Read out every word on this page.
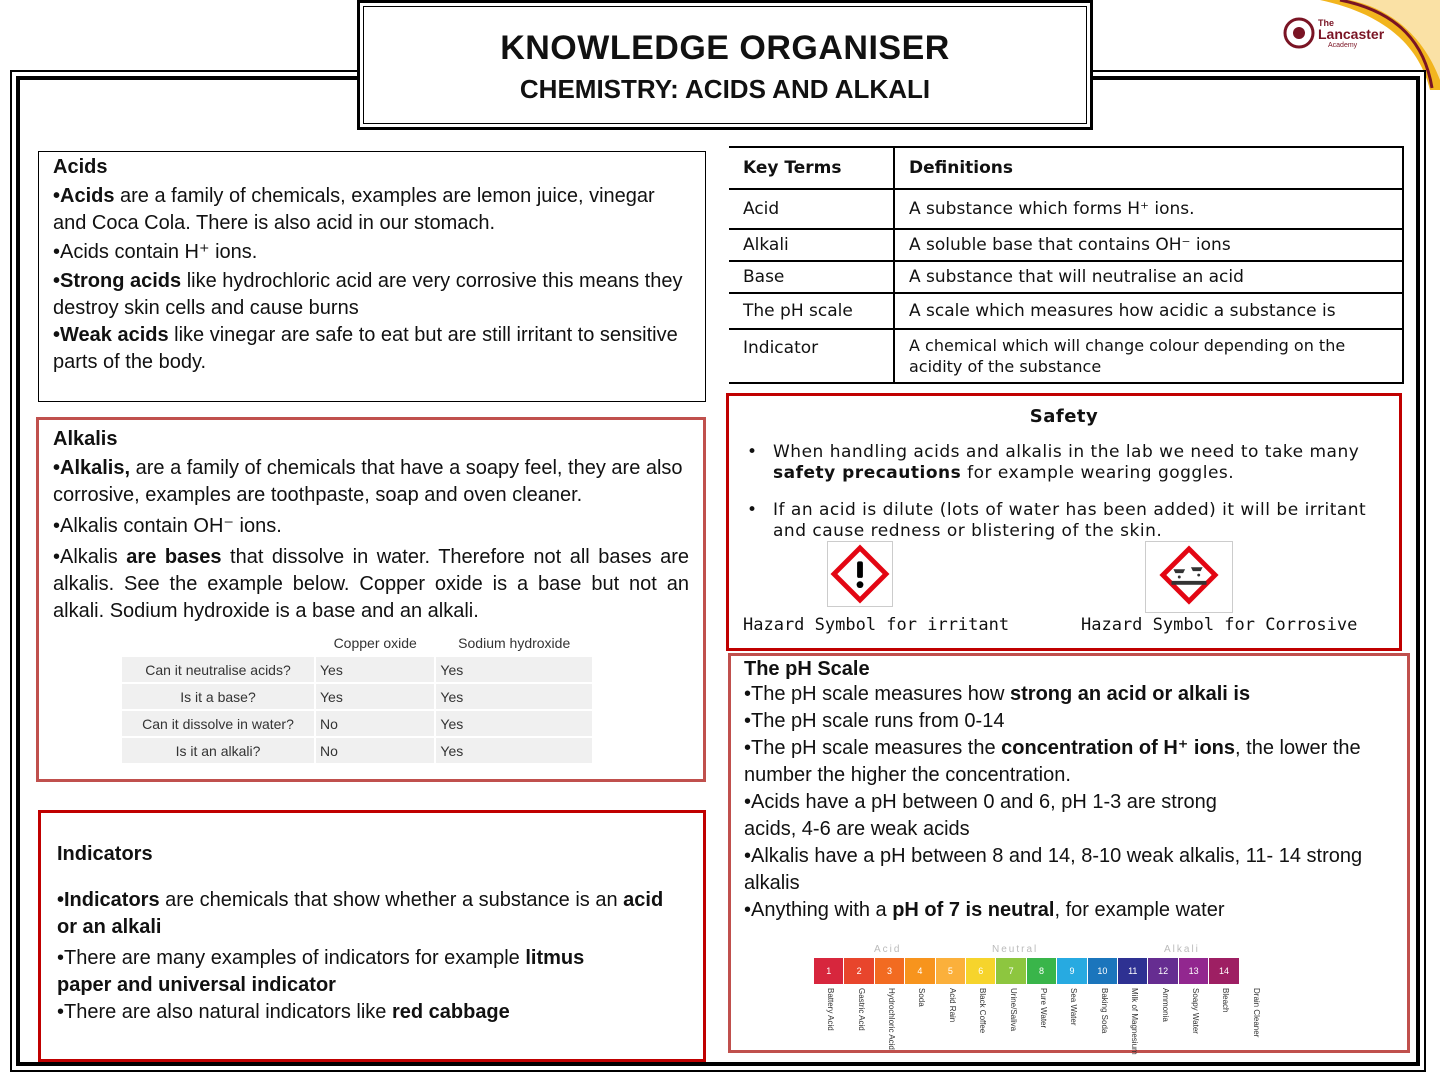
The
Lancaster
Academy
KNOWLEDGE ORGANISER
CHEMISTRY: ACIDS AND ALKALI
Acids

•Acids are a family of chemicals, examples are lemon juice, vinegar and Coca Cola. There is also acid in our stomach.

•Acids contain H⁺ ions.

•Strong acids like hydrochloric acid are very corrosive this means they destroy skin cells and cause burns

•Weak acids like vinegar are safe to eat but are still irritant to sensitive parts of the body.

Key Terms	Definitions
Acid	A substance which forms H⁺ ions.
Alkali	A soluble base that contains OH⁻ ions
Base	A substance that will neutralise an acid
The pH scale	A scale which measures how acidic a substance is
Indicator	A chemical which will change colour depending on the acidity of the substance
Alkalis

•Alkalis, are a family of chemicals that have a soapy feel, they are also corrosive, examples are toothpaste, soap and oven cleaner.

•Alkalis contain OH⁻ ions.

•Alkalis are bases that dissolve in water. Therefore not all bases are alkalis. See the example below. Copper oxide is a base but not an alkali. Sodium hydroxide is a base and an alkali.

	Copper oxide	Sodium hydroxide
Can it neutralise acids?	Yes	Yes
Is it a base?	Yes	Yes
Can it dissolve in water?	No	Yes
Is it an alkali?	No	Yes
Indicators

•Indicators are chemicals that show whether a substance is an acid or an alkali

•There are many examples of indicators for example litmus paper and universal indicator

•There are also natural indicators like red cabbage

Safety
• When handling acids and alkalis in the lab we need to take many safety precautions for example wearing goggles.
• If an acid is dilute (lots of water has been added) it will be irritant and cause redness or blistering of the skin.
Hazard Symbol for irritant	Hazard Symbol for Corrosive
The pH Scale

•The pH scale measures how strong an acid or alkali is

•The pH scale runs from 0-14

•The pH scale measures the concentration of H⁺ ions, the lower the number the higher the concentration.

•Acids have a pH between 0 and 6, pH 1-3 are strong acids, 4-6 are weak acids

•Alkalis have a pH between 8 and 14, 8-10 weak alkalis, 11- 14 strong alkalis

•Anything with a pH of 7 is neutral, for example water

Acid	Neutral	Alkali
1	2	3	4	5	6	7	8	9	10	11	12	13	14
Battery Acid	Gastric Acid	Hydrochloric Acid	Soda	Acid Rain	Black Coffee	Urine/Saliva	Pure Water	Sea Water	Baking Soda	Milk of Magnesium	Ammonia	Soapy Water	Bleach	Drain Cleaner
